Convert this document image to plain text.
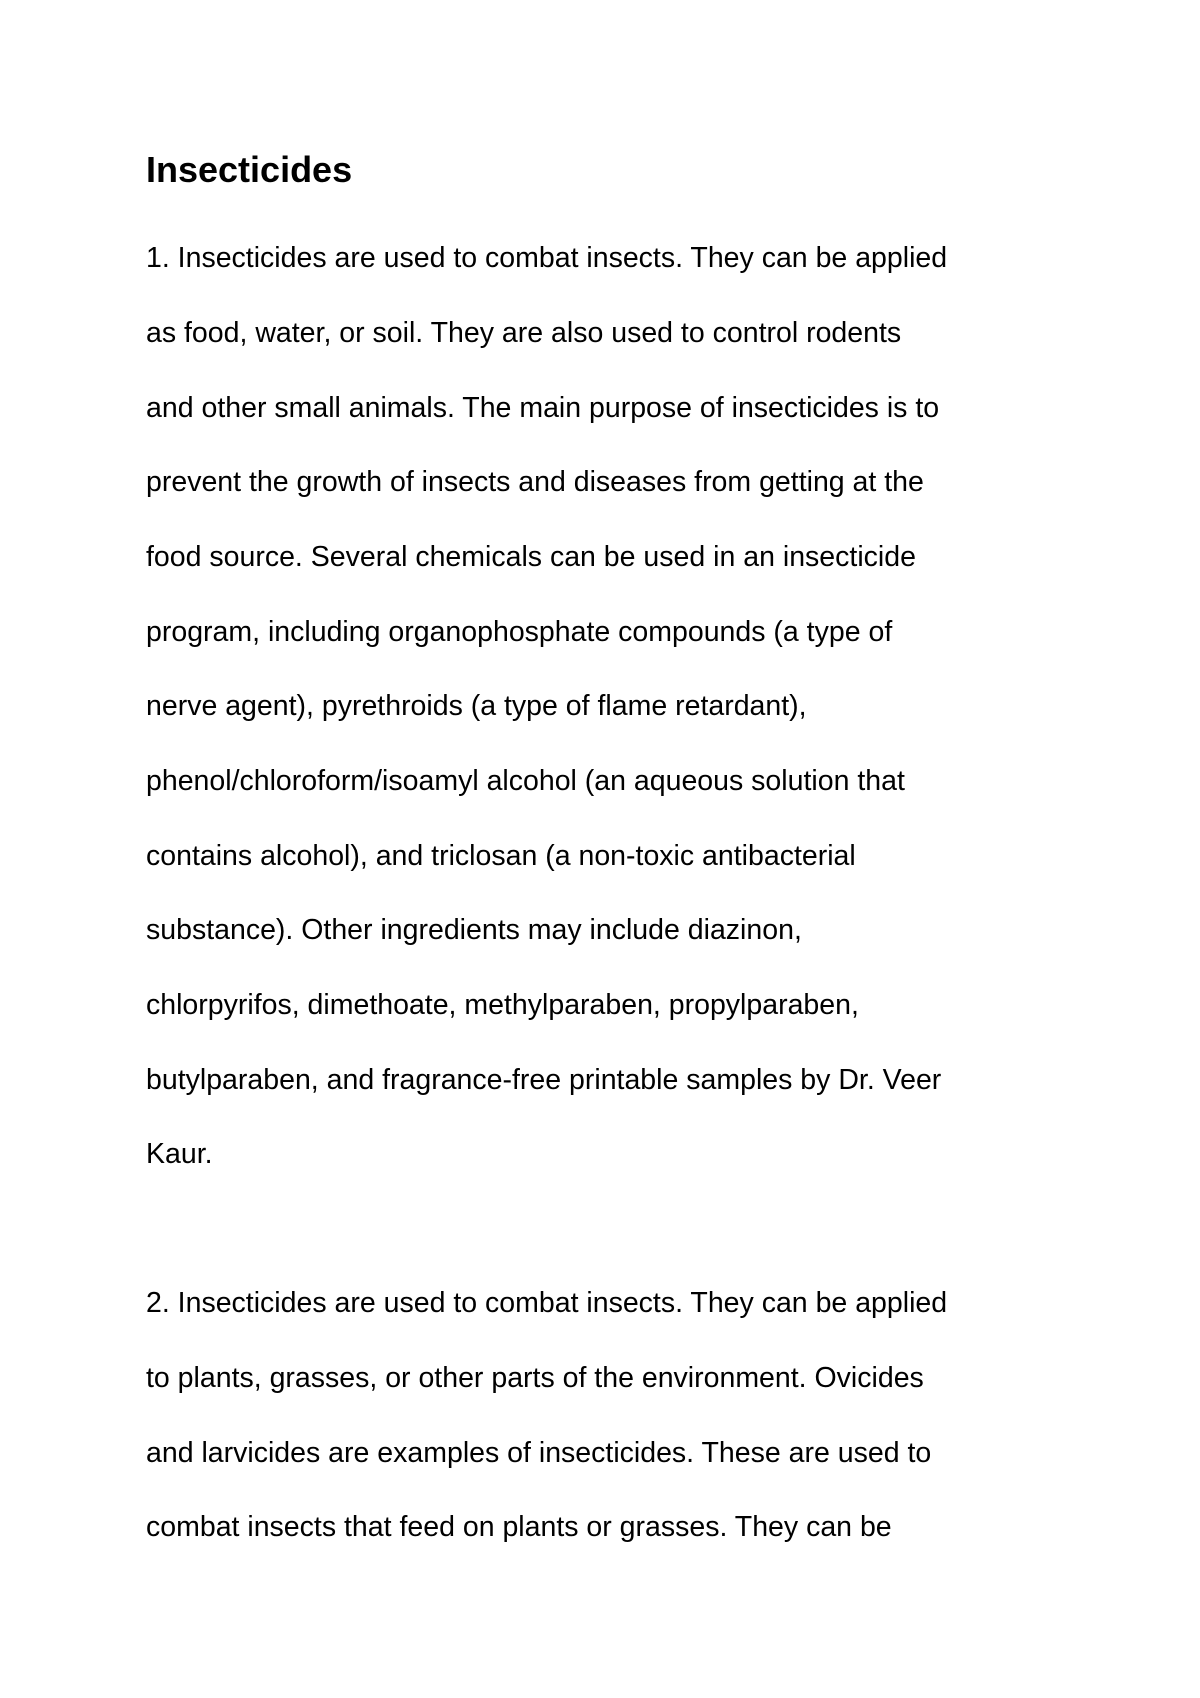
Insecticides

1. Insecticides are used to combat insects. They can be applied

as food, water, or soil. They are also used to control rodents

and other small animals. The main purpose of insecticides is to

prevent the growth of insects and diseases from getting at the

food source. Several chemicals can be used in an insecticide

program, including organophosphate compounds (a type of

nerve agent), pyrethroids (a type of flame retardant),

phenol/chloroform/isoamyl alcohol (an aqueous solution that

contains alcohol), and triclosan (a non-toxic antibacterial

substance). Other ingredients may include diazinon,

chlorpyrifos, dimethoate, methylparaben, propylparaben,

butylparaben, and fragrance-free printable samples by Dr. Veer

Kaur.

2. Insecticides are used to combat insects. They can be applied

to plants, grasses, or other parts of the environment. Ovicides

and larvicides are examples of insecticides. These are used to

combat insects that feed on plants or grasses. They can be
